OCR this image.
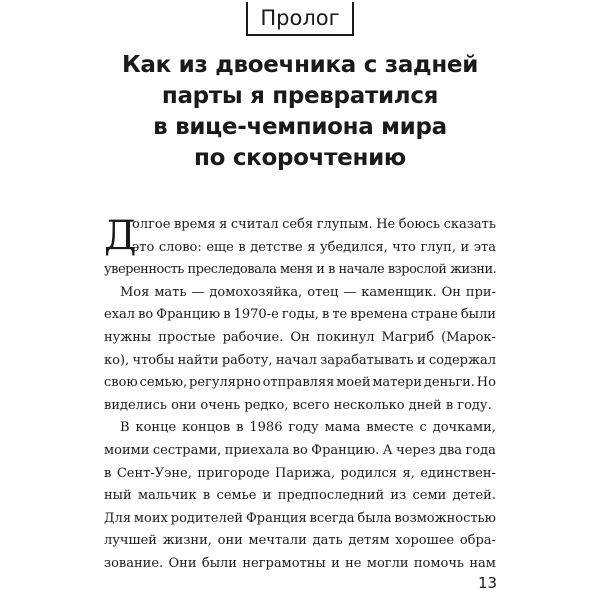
Пролог
Как из двоечника с задней
парты я превратился
в вице-чемпиона мира
по скорочтению
Д
олгое время я считал себя глупым. Не боюсь сказать
это слово: еще в детстве я убедился, что глуп, и эта
уверенность преследовала меня и в начале взрослой жизни.
Моя мать — домохозяйка, отец — каменщик. Он при-
ехал во Францию в 1970-е годы, в те времена стране были
нужны простые рабочие. Он покинул Магриб (Марок-
ко), чтобы найти работу, начал зарабатывать и содержал
свою семью, регулярно отправляя моей матери деньги. Но
виделись они очень редко, всего несколько дней в году.
В конце концов в 1986 году мама вместе с дочками,
моими сестрами, приехала во Францию. А через два года
в Сент-Уэне, пригороде Парижа, родился я, единствен-
ный мальчик в семье и предпоследний из семи детей.
Для моих родителей Франция всегда была возможностью
лучшей жизни, они мечтали дать детям хорошее обра-
зование. Они были неграмотны и не могли помочь нам
13
